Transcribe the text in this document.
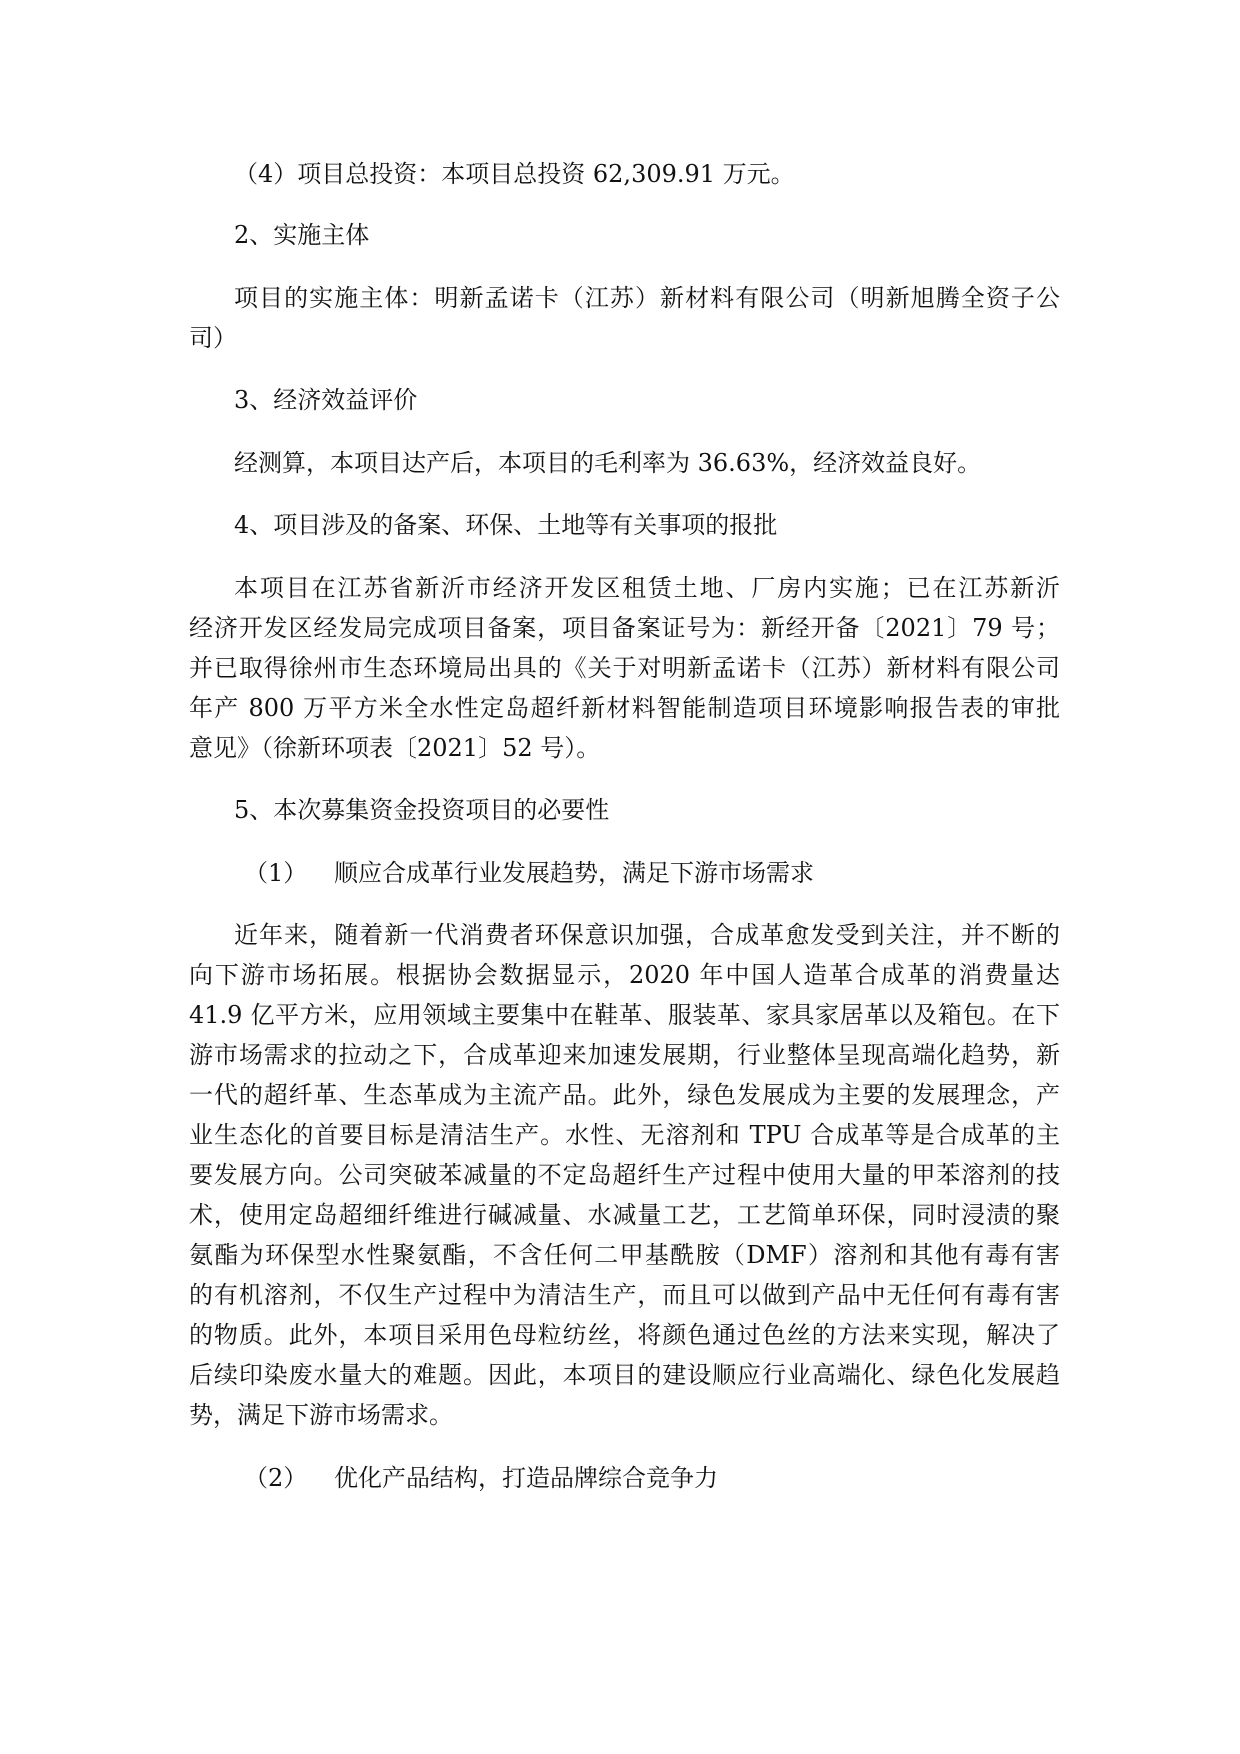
（4）项目总投资：本项目总投资 62,309.91 万元。
2、实施主体
项目的实施主体：明新孟诺卡（江苏）新材料有限公司（明新旭腾全资子公
司）
3、经济效益评价
经测算，本项目达产后，本项目的毛利率为 36.63%，经济效益良好。
4、项目涉及的备案、环保、土地等有关事项的报批
本项目在江苏省新沂市经济开发区租赁土地、厂房内实施；已在江苏新沂
经济开发区经发局完成项目备案，项目备案证号为：新经开备〔2021〕79 号；
并已取得徐州市生态环境局出具的《关于对明新孟诺卡（江苏）新材料有限公司
年产 800 万平方米全水性定岛超纤新材料智能制造项目环境影响报告表的审批
意见》（徐新环项表〔2021〕52 号）。
5、本次募集资金投资项目的必要性
（1） 顺应合成革行业发展趋势，满足下游市场需求
近年来，随着新一代消费者环保意识加强，合成革愈发受到关注，并不断的
向下游市场拓展。根据协会数据显示，2020 年中国人造革合成革的消费量达
41.9 亿平方米，应用领域主要集中在鞋革、服装革、家具家居革以及箱包。在下
游市场需求的拉动之下，合成革迎来加速发展期，行业整体呈现高端化趋势，新
一代的超纤革、生态革成为主流产品。此外，绿色发展成为主要的发展理念，产
业生态化的首要目标是清洁生产。水性、无溶剂和 TPU 合成革等是合成革的主
要发展方向。公司突破苯减量的不定岛超纤生产过程中使用大量的甲苯溶剂的技
术，使用定岛超细纤维进行碱减量、水减量工艺，工艺简单环保，同时浸渍的聚
氨酯为环保型水性聚氨酯，不含任何二甲基酰胺（DMF）溶剂和其他有毒有害
的有机溶剂，不仅生产过程中为清洁生产，而且可以做到产品中无任何有毒有害
的物质。此外，本项目采用色母粒纺丝，将颜色通过色丝的方法来实现，解决了
后续印染废水量大的难题。因此，本项目的建设顺应行业高端化、绿色化发展趋
势，满足下游市场需求。
（2） 优化产品结构，打造品牌综合竞争力
